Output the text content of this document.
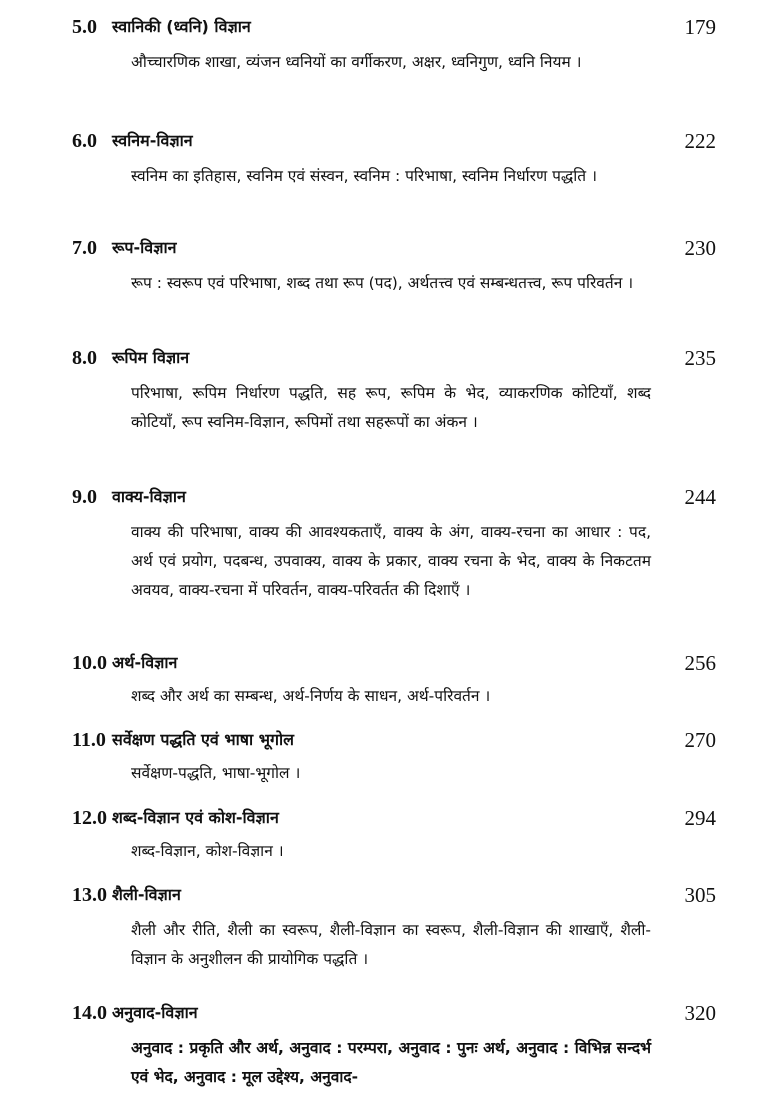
5.0 स्वानिकी (ध्वनि) विज्ञान	179
औच्चारणिक शाखा, व्यंजन ध्वनियों का वर्गीकरण, अक्षर, ध्वनिगुण, ध्वनि नियम ।
6.0 स्वनिम-विज्ञान	222
स्वनिम का इतिहास, स्वनिम एवं संस्वन, स्वनिम : परिभाषा, स्वनिम निर्धारण पद्धति ।
7.0 रूप-विज्ञान	230
रूप : स्वरूप एवं परिभाषा, शब्द तथा रूप (पद), अर्थतत्त्व एवं सम्बन्धतत्त्व, रूप परिवर्तन ।
8.0 रूपिम विज्ञान	235
परिभाषा, रूपिम निर्धारण पद्धति, सह रूप, रूपिम के भेद, व्याकरणिक कोटियाँ, शब्द कोटियाँ, रूप स्वनिम-विज्ञान, रूपिमों तथा सहरूपों का अंकन ।
9.0 वाक्य-विज्ञान	244
वाक्य की परिभाषा, वाक्य की आवश्यकताएँ, वाक्य के अंग, वाक्य-रचना का आधार : पद, अर्थ एवं प्रयोग, पदबन्ध, उपवाक्य, वाक्य के प्रकार, वाक्य रचना के भेद, वाक्य के निकटतम अवयव, वाक्य-रचना में परिवर्तन, वाक्य-परिवर्तत की दिशाएँ ।
10.0 अर्थ-विज्ञान	256
शब्द और अर्थ का सम्बन्ध, अर्थ-निर्णय के साधन, अर्थ-परिवर्तन ।
11.0 सर्वेक्षण पद्धति एवं भाषा भूगोल	270
सर्वेक्षण-पद्धति, भाषा-भूगोल ।
12.0 शब्द-विज्ञान एवं कोश-विज्ञान	294
शब्द-विज्ञान, कोश-विज्ञान ।
13.0 शैली-विज्ञान	305
शैली और रीति, शैली का स्वरूप, शैली-विज्ञान का स्वरूप, शैली-विज्ञान की शाखाएँ, शैली-विज्ञान के अनुशीलन की प्रायोगिक पद्धति ।
14.0 अनुवाद-विज्ञान	320
अनुवाद : प्रकृति और अर्थ, अनुवाद : परम्परा, अनुवाद : पुनः अर्थ, अनुवाद : विभिन्न सन्दर्भ एवं भेद, अनुवाद : मूल उद्देश्य, अनुवाद-
